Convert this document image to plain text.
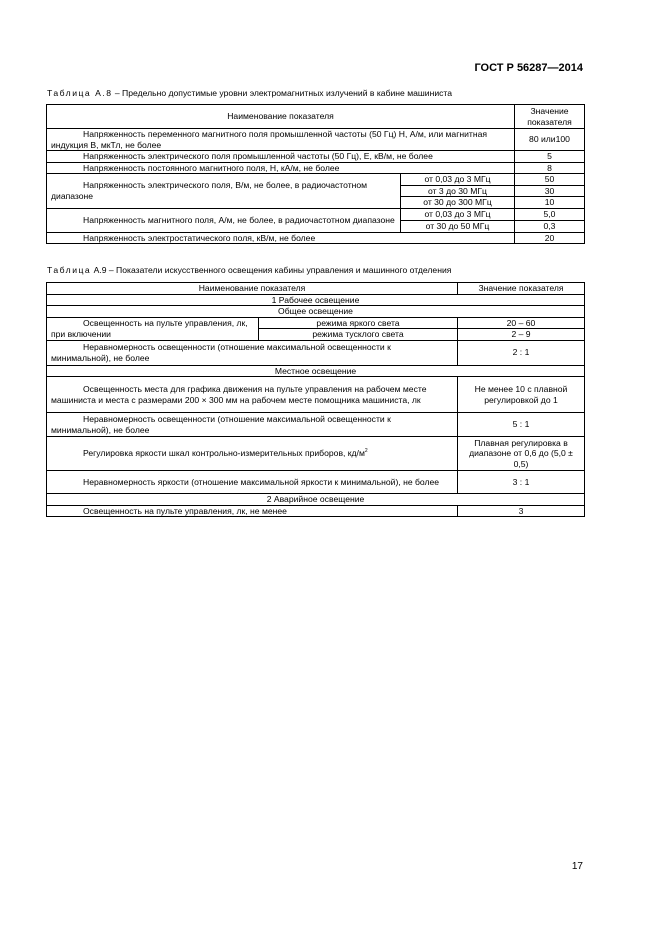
ГОСТ Р 56287—2014
Таблица А.8 – Предельно допустимые уровни электромагнитных излучений в кабине машиниста
Наименование показателя		Значение показателя
Напряженность переменного магнитного поля промышленной частоты (50 Гц) Н, А/м, или магнитная индукция В, мкТл, не более		80 или100
Напряженность электрического поля промышленной частоты (50 Гц), Е, кВ/м, не более		5
Напряженность постоянного магнитного поля, Н, кА/м, не более		8
Напряженность электрического поля, В/м, не более, в радиочастотном диапазоне	от 0,03 до 3 МГц	50
	от 3 до 30 МГц	30
	от 30 до 300 МГц	10
Напряженность магнитного поля, А/м, не более, в радиочастотном диапазоне	от 0,03 до 3 МГц	5,0
	от 30 до 50 МГц	0,3
Напряженность электростатического поля, кВ/м, не более		20
Таблица А.9 – Показатели искусственного освещения кабины управления и машинного отделения
Наименование показателя		Значение показателя
1 Рабочее освещение		
Общее освещение		
Освещенность на пульте управления, лк, при включении	режима яркого света	20 – 60
	режима тусклого света	2 – 9
Неравномерность освещенности (отношение максимальной освещенности к минимальной), не более		2 : 1
Местное освещение		
Освещенность места для графика движения на пульте управления на рабочем месте машиниста и места с размерами 200 × 300 мм на рабочем месте помощника машиниста, лк		Не менее 10 с плавной регулировкой до 1
Неравномерность освещенности (отношение максимальной освещенности к минимальной), не более		5 : 1
Регулировка яркости шкал контрольно-измерительных приборов, $кд/м^2$		Плавная регулировка в диапазоне от 0,6 до (5,0 ± 0,5)
Неравномерность яркости (отношение максимальной яркости к минимальной), не более		3 : 1
2 Аварийное освещение		
Освещенность на пульте управления, лк, не менее		3
17
